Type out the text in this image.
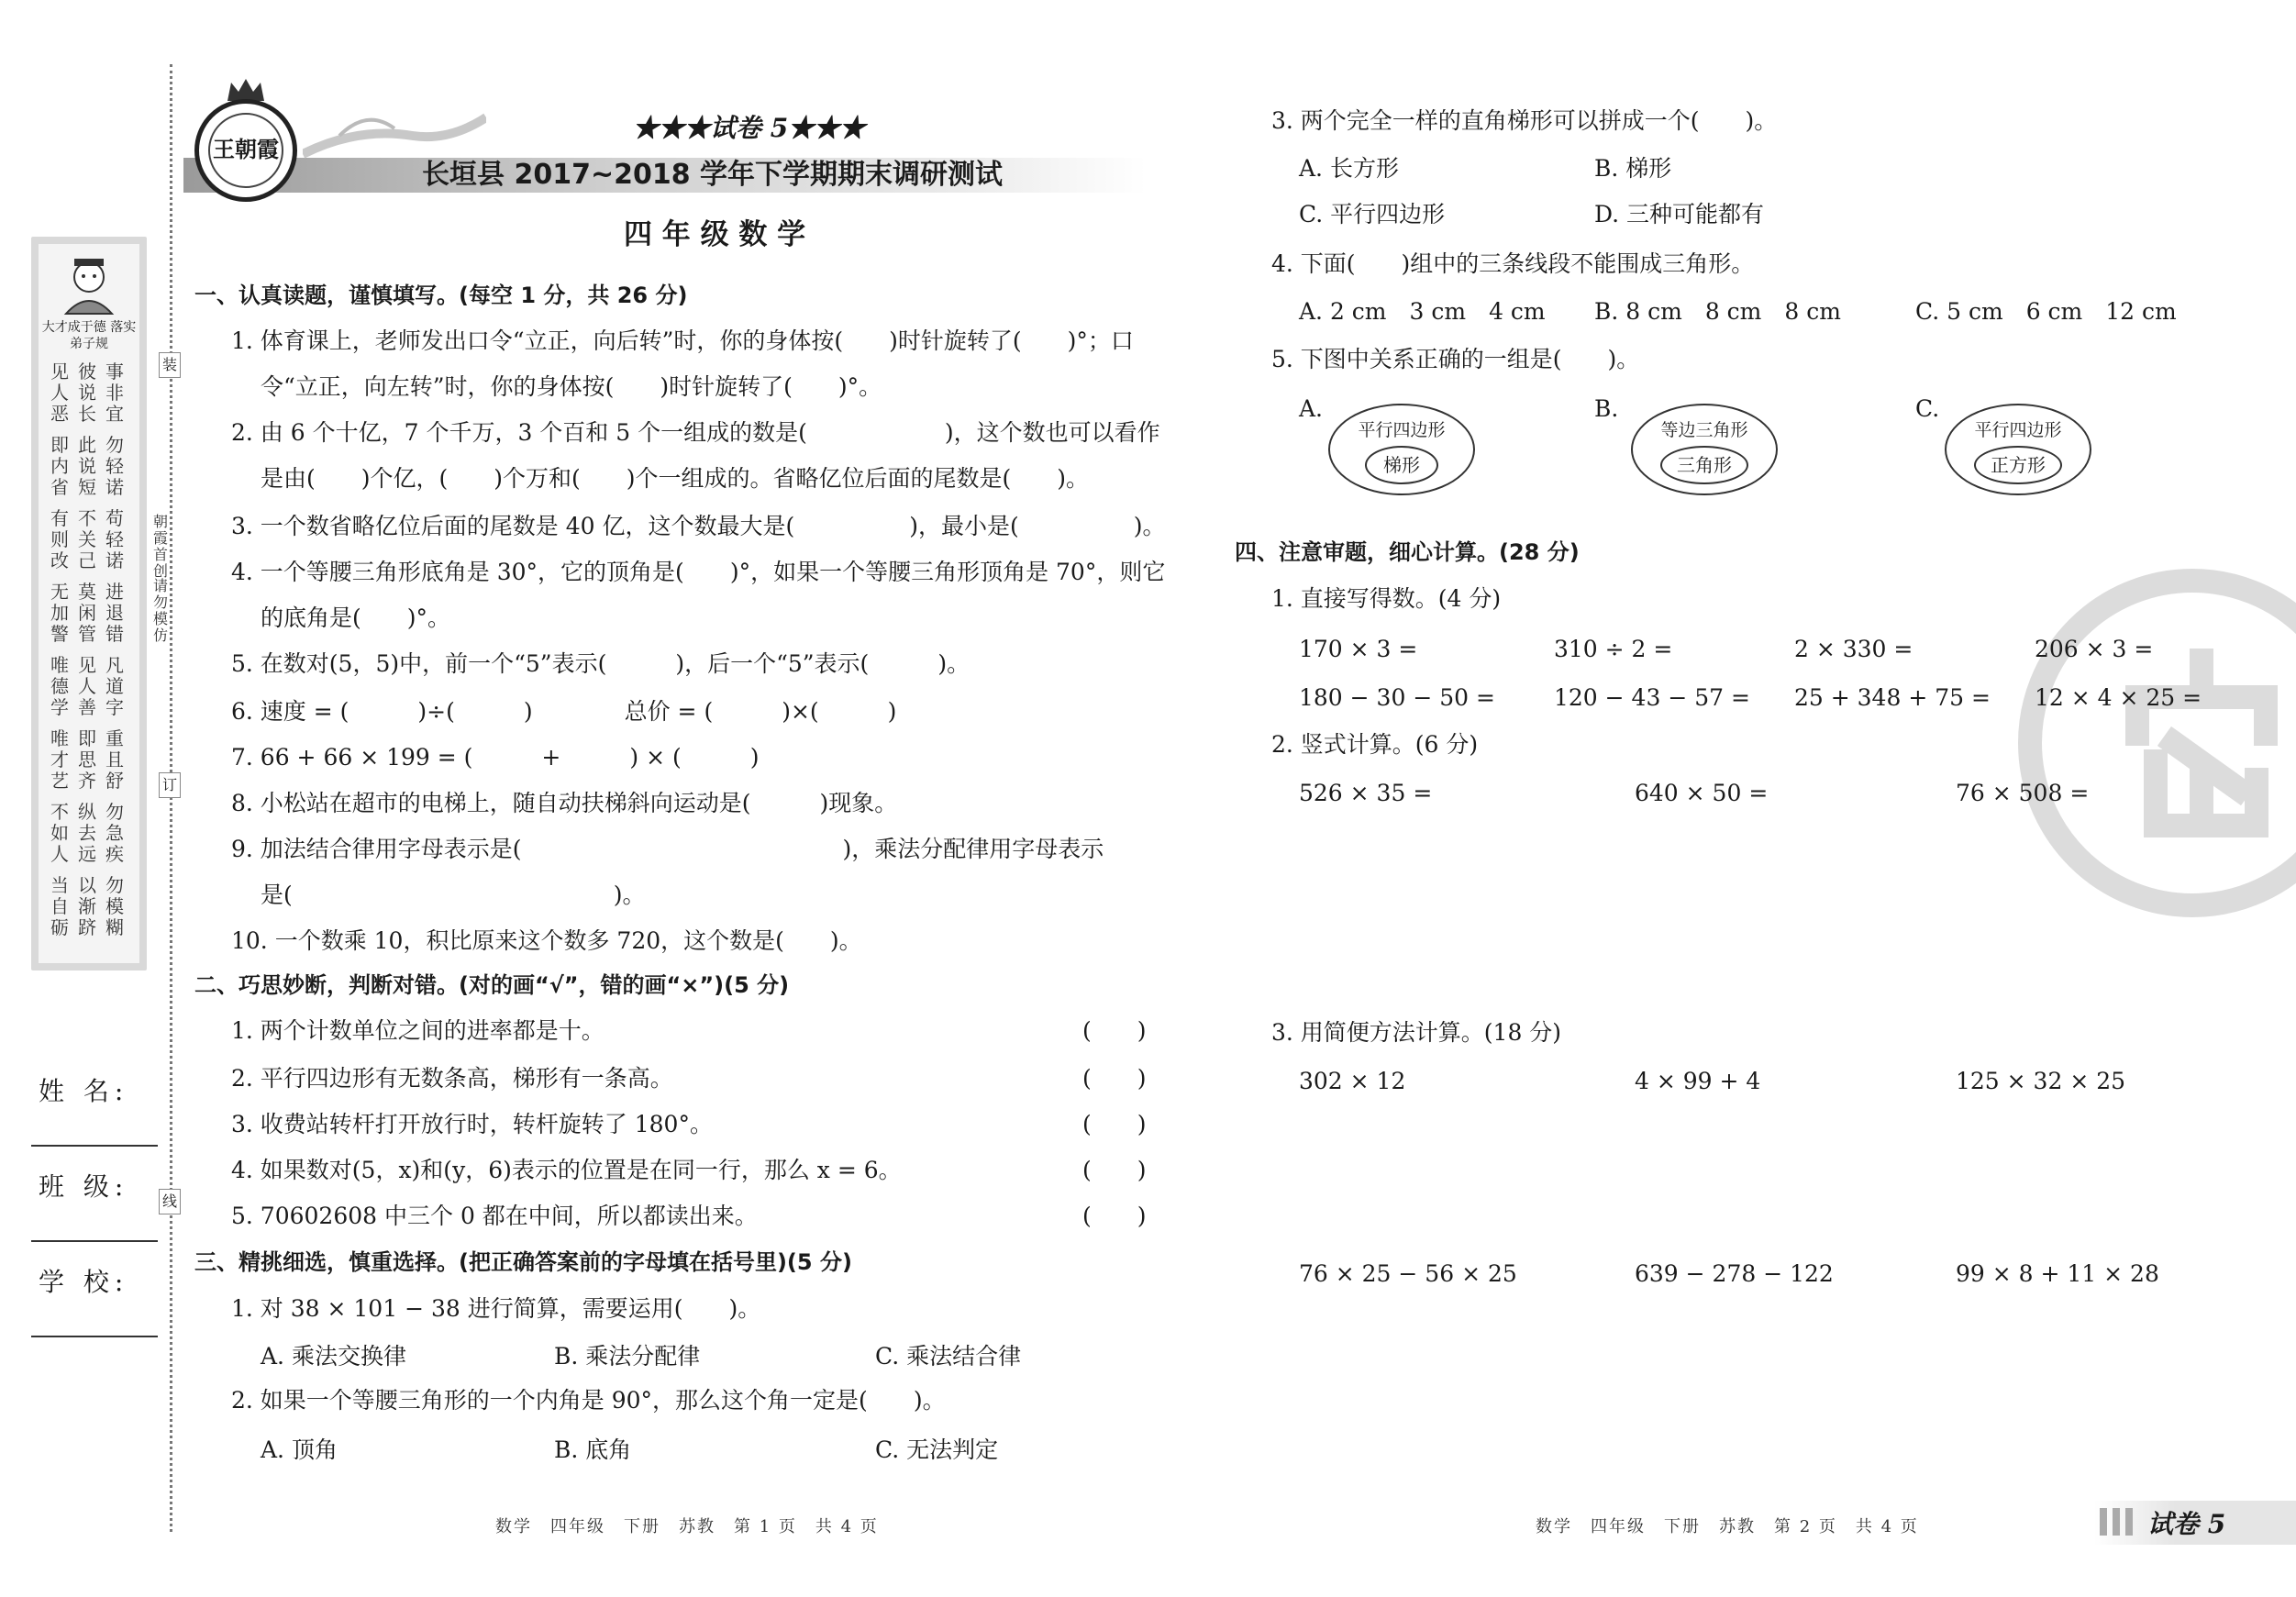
大才成于德 落实弟子规
见人恶
彼说长
事非宜
即内省
此说短
勿轻诺
有则改
不关己
苟轻诺
无加警
莫闲管
进退错
唯德学
见人善
凡道字
唯才艺
即思齐
重且舒
不如人
纵去远
勿急疾
当自砺
以渐跻
勿模糊
装
订
线
朝霞首创
请勿模仿
姓 名:
班 级:
学 校:
王朝霞
★★★试卷 5★★★
长垣县 2017~2018 学年下学期期末调研测试
四 年 级 数 学
一、认真读题，谨慎填写。(每空 1 分，共 26 分)
1. 体育课上，老师发出口令“立正，向后转”时，你的身体按(　　)时针旋转了(　　)°；口
令“立正，向左转”时，你的身体按(　　)时针旋转了(　　)°。
2. 由 6 个十亿，7 个千万，3 个百和 5 个一组成的数是(　　　　　　)，这个数也可以看作
是由(　　)个亿，(　　)个万和(　　)个一组成的。省略亿位后面的尾数是(　　)。
3. 一个数省略亿位后面的尾数是 40 亿，这个数最大是(　　　　　)，最小是(　　　　　)。
4. 一个等腰三角形底角是 30°，它的顶角是(　　)°，如果一个等腰三角形顶角是 70°，则它
的底角是(　　)°。
5. 在数对(5，5)中，前一个“5”表示(　　　)，后一个“5”表示(　　　)。
6. 速度 = (　　　)÷(　　　)　　　　总价 = (　　　)×(　　　)
7. 66 + 66 × 199 = (　　　+　　　) × (　　　)
8. 小松站在超市的电梯上，随自动扶梯斜向运动是(　　　)现象。
9. 加法结合律用字母表示是(　　　　　　　　　　　　　　)，乘法分配律用字母表示
是(　　　　　　　　　　　　　　)。
10. 一个数乘 10，积比原来这个数多 720，这个数是(　　)。
二、巧思妙断，判断对错。(对的画“√”，错的画“×”)(5 分)
1. 两个计数单位之间的进率都是十。	(　　)
2. 平行四边形有无数条高，梯形有一条高。	(　　)
3. 收费站转杆打开放行时，转杆旋转了 180°。	(　　)
4. 如果数对(5，x)和(y，6)表示的位置是在同一行，那么 x = 6。	(　　)
5. 70602608 中三个 0 都在中间，所以都读出来。	(　　)
三、精挑细选，慎重选择。(把正确答案前的字母填在括号里)(5 分)
1. 对 38 × 101 − 38 进行简算，需要运用(　　)。
A. 乘法交换律	B. 乘法分配律	C. 乘法结合律
2. 如果一个等腰三角形的一个内角是 90°，那么这个角一定是(　　)。
A. 顶角	B. 底角	C. 无法判定
数学　四年级　下册　苏教　第 1 页　共 4 页
3. 两个完全一样的直角梯形可以拼成一个(　　)。
A. 长方形	B. 梯形
C. 平行四边形	D. 三种可能都有
4. 下面(　　)组中的三条线段不能围成三角形。
A. 2 cm　3 cm　4 cm B. 8 cm　8 cm　8 cm	C. 5 cm　6 cm　12 cm
5. 下图中关系正确的一组是(　　)。
A.	B.	C.
平行四边形
梯形
等边三角形
三角形
平行四边形
正方形
四、注意审题，细心计算。(28 分)
1. 直接写得数。(4 分)
170 × 3 =	310 ÷ 2 =	2 × 330 =	206 × 3 =
180 − 30 − 50 =	120 − 43 − 57 = 25 + 348 + 75 = 12 × 4 × 25 =
2. 竖式计算。(6 分)
526 × 35 =	640 × 50 =	76 × 508 =
3. 用简便方法计算。(18 分)
302 × 12	4 × 99 + 4	125 × 32 × 25
76 × 25 − 56 × 25	639 − 278 − 122	99 × 8 + 11 × 28
数学　四年级　下册　苏教　第 2 页　共 4 页	试卷 5
